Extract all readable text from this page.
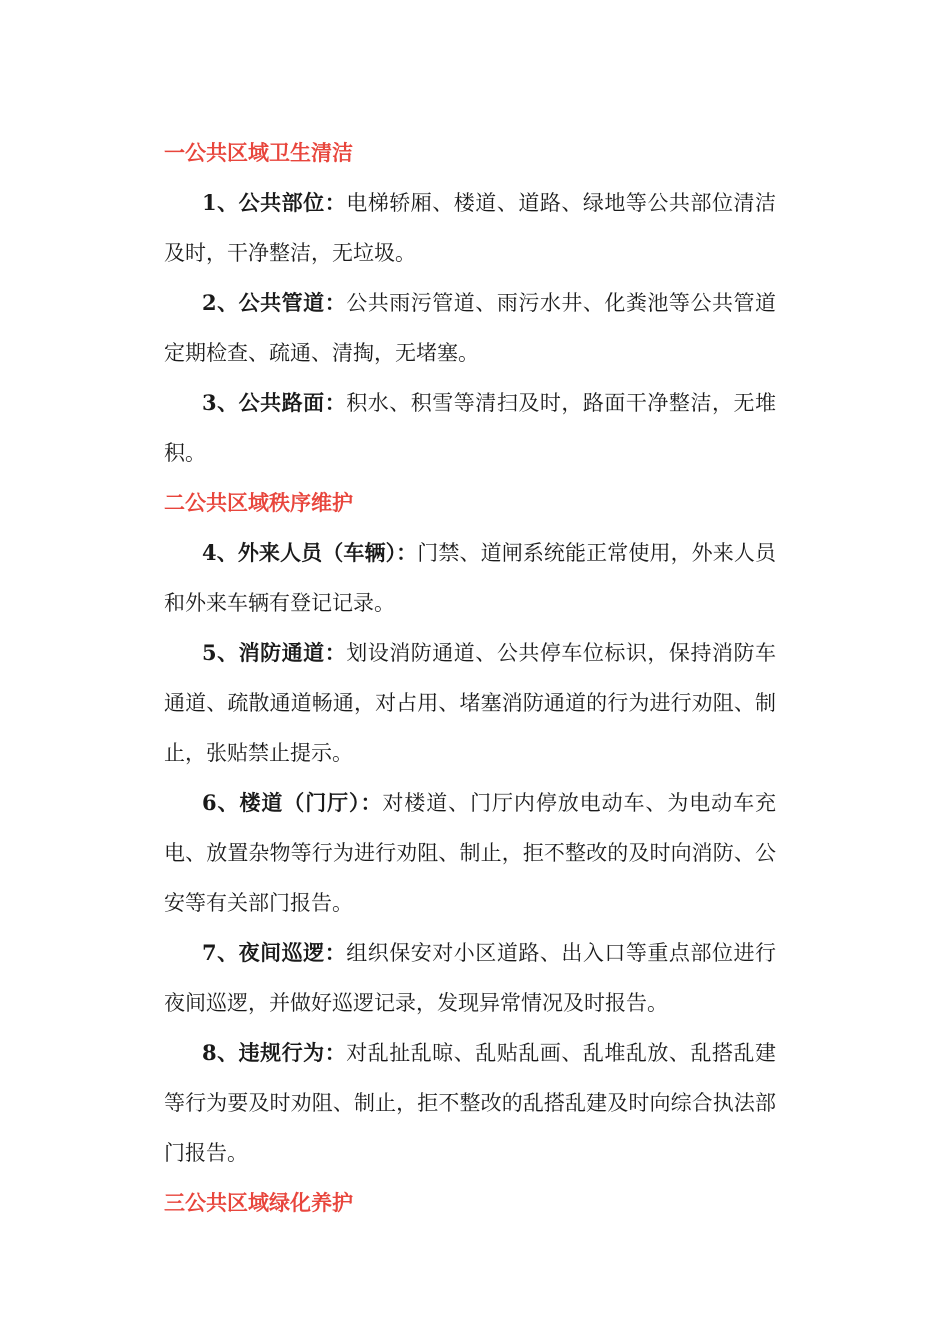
一公共区域卫生清洁

1、公共部位：电梯轿厢、楼道、道路、绿地等公共部位清洁及时，干净整洁，无垃圾。

2、公共管道：公共雨污管道、雨污水井、化粪池等公共管道定期检查、疏通、清掏，无堵塞。

3、公共路面：积水、积雪等清扫及时，路面干净整洁，无堆积。

二公共区域秩序维护

4、外来人员（车辆）：门禁、道闸系统能正常使用，外来人员和外来车辆有登记记录。

5、消防通道：划设消防通道、公共停车位标识，保持消防车通道、疏散通道畅通，对占用、堵塞消防通道的行为进行劝阻、制止，张贴禁止提示。

6、楼道（门厅）：对楼道、门厅内停放电动车、为电动车充电、放置杂物等行为进行劝阻、制止，拒不整改的及时向消防、公安等有关部门报告。

7、夜间巡逻：组织保安对小区道路、出入口等重点部位进行夜间巡逻，并做好巡逻记录，发现异常情况及时报告。

8、违规行为：对乱扯乱晾、乱贴乱画、乱堆乱放、乱搭乱建等行为要及时劝阻、制止，拒不整改的乱搭乱建及时向综合执法部门报告。

三公共区域绿化养护
